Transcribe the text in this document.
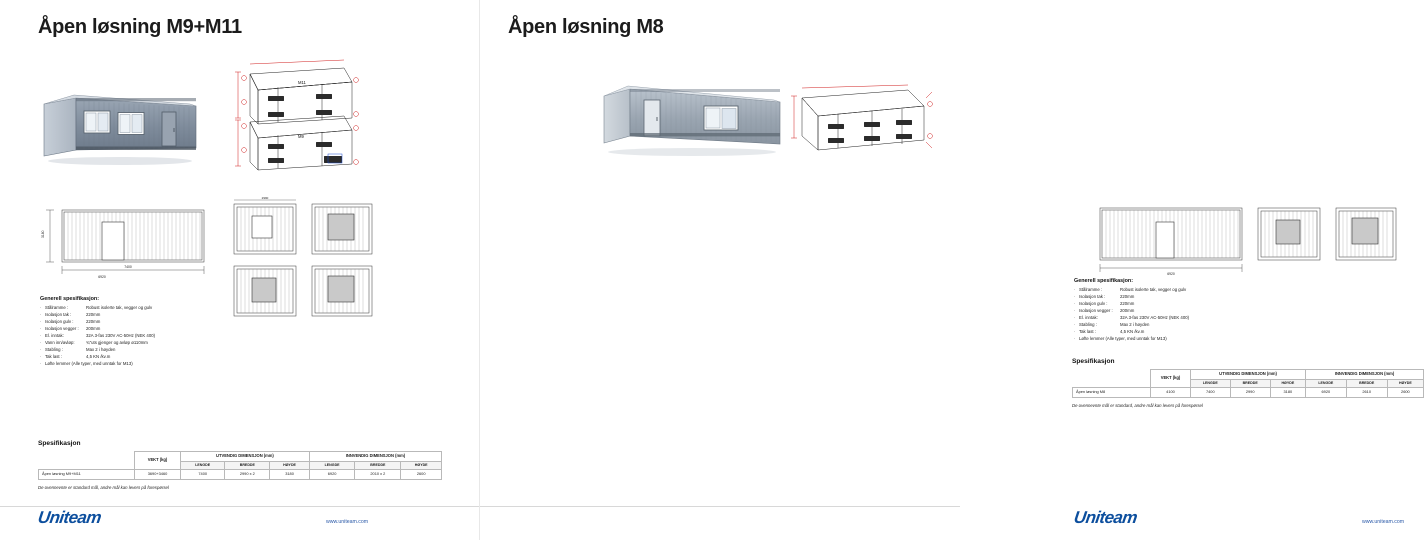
Åpen løsning M9+M11
M11
M9
7400
6920
3180
2990
Generell spesifikasjon:
· Stålramme :	Robust isolerte tak, vegger og gulv
· Isolasjon tak :	220mm
· Isolasjon gulv :	220mm
· Isolasjon vegger :	200mm
· El. inntak:	32A 3-fas 230V AC-50Hz (NEK 400)
· Vann inn/avløp:	¾"uts gjenger og avløp ø110mm
· Stabling :	Max 2 i høyden
· Tak last :	4,5 KN /kv.m
· Løfte lemmer (Alle typer, med unntak for M13)
Spesifikasjon
	VEKT (kg)	UTVENDIG DIMENSJON (mm)			INNVENDIG DIMENSJON (mm)		
		LENGDE	BREDDE	HØYDE	LENGDE	BREDDE	HØYDE
Åpen løsning M9+M11	3690+3460	7400	2990 x 2	3180	6920	2010 x 2	2600
De ovennevnte er standard mål, andre mål kan levers på forespørsel
Uniteam	www.uniteam.com
Åpen løsning M8
6920
Generell spesifikasjon:
· Stålramme :	Robust isolerte tak, vegger og gulv
· Isolasjon tak :	220mm
· Isolasjon gulv :	220mm
· Isolasjon vegger :	200mm
· El. inntak:	32A 3-fas 230V AC-50Hz (NEK 400)
· Stabling :	Max 2 i høyden
· Tak last :	4,5 KN /kv.m
· Løfte lemmer (Alle typer, med unntak for M13)
Spesifikasjon
	VEKT (kg)	UTVENDIG DIMENSJON (mm)			INNVENDIG DIMENSJON (mm)		
		LENGDE	BREDDE	HØYDE	LENGDE	BREDDE	HØYDE
Åpen løsning M8	4100	7400	2990	3180	6920	2610	2600
De ovennevnte mål er standard, andre mål kan levers på forespørsel
Uniteam	www.uniteam.com
